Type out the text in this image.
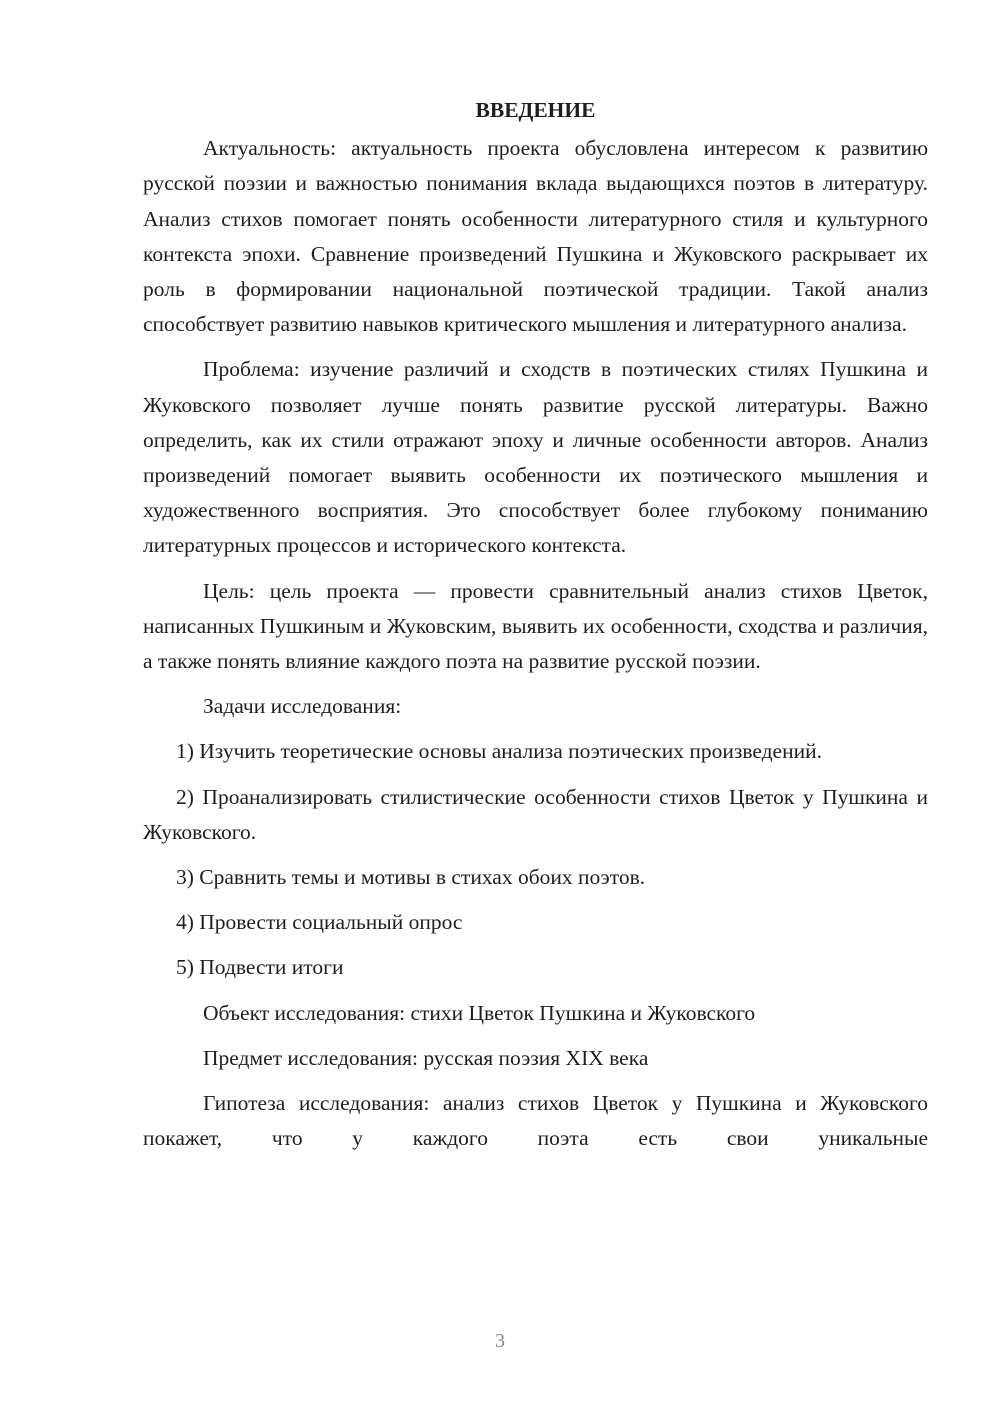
ВВЕДЕНИЕ

Актуальность: актуальность проекта обусловлена интересом к развитию русской поэзии и важностью понимания вклада выдающихся поэтов в литературу. Анализ стихов помогает понять особенности литературного стиля и культурного контекста эпохи. Сравнение произведений Пушкина и Жуковского раскрывает их роль в формировании национальной поэтической традиции. Такой анализ способствует развитию навыков критического мышления и литературного анализа.

Проблема: изучение различий и сходств в поэтических стилях Пушкина и Жуковского позволяет лучше понять развитие русской литературы. Важно определить, как их стили отражают эпоху и личные особенности авторов. Анализ произведений помогает выявить особенности их поэтического мышления и художественного восприятия. Это способствует более глубокому пониманию литературных процессов и исторического контекста.

Цель: цель проекта — провести сравнительный анализ стихов Цветок, написанных Пушкиным и Жуковским, выявить их особенности, сходства и различия, а также понять влияние каждого поэта на развитие русской поэзии.

Задачи исследования:

1) Изучить теоретические основы анализа поэтических произведений.

2) Проанализировать стилистические особенности стихов Цветок у Пушкина и Жуковского.

3) Сравнить темы и мотивы в стихах обоих поэтов.

4) Провести социальный опрос

5) Подвести итоги

Объект исследования: стихи Цветок Пушкина и Жуковского

Предмет исследования: русская поэзия XIX века

Гипотеза исследования: анализ стихов Цветок у Пушкина и Жуковского покажет, что у каждого поэта есть свои уникальные

3
